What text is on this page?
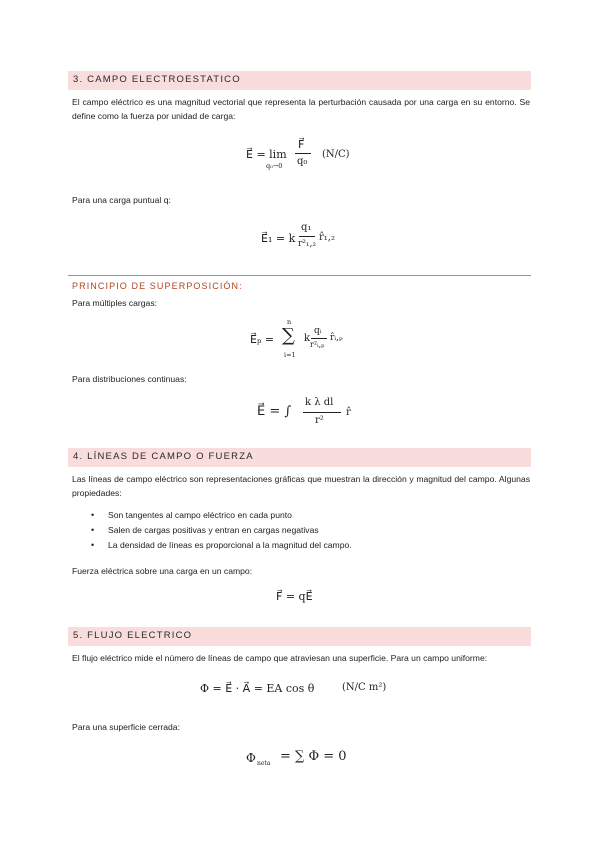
3. CAMPO ELECTROESTATICO
El campo eléctrico es una magnitud vectorial que representa la perturbación causada por una carga en su entorno. Se define como la fuerza por unidad de carga:
E⃗ = lim
q₀→0
F⃗
q₀
(N/C)
Para una carga puntual q:
E⃗₁ = k
q₁
r²₁,₂
r̂₁,₂
PRINCIPIO DE SUPERPOSICIÓN:
Para múltiples cargas:
E⃗ₚ =
n
∑
i=1
k
qᵢ
r²ᵢ,ₚ
r̂ᵢ,ₚ
Para distribuciones continuas:
E⃗ = ∫
k λ dl
r²
r̂
4. LÍNEAS DE CAMPO O FUERZA
Las líneas de campo eléctrico son representaciones gráficas que muestran la dirección y magnitud del campo. Algunas propiedades:
• Son tangentes al campo eléctrico en cada punto
• Salen de cargas positivas y entran en cargas negativas
• La densidad de líneas es proporcional a la magnitud del campo.
Fuerza eléctrica sobre una carga en un campo:
F⃗ = qE⃗
5. FLUJO ELECTRICO
El flujo eléctrico mide el número de líneas de campo que atraviesan una superficie. Para un campo uniforme:
Φ = E⃗ · A⃗ = EA cos θ	(N/C m²)
Para una superficie cerrada:
Φ neta = ∑ Φ = 0
